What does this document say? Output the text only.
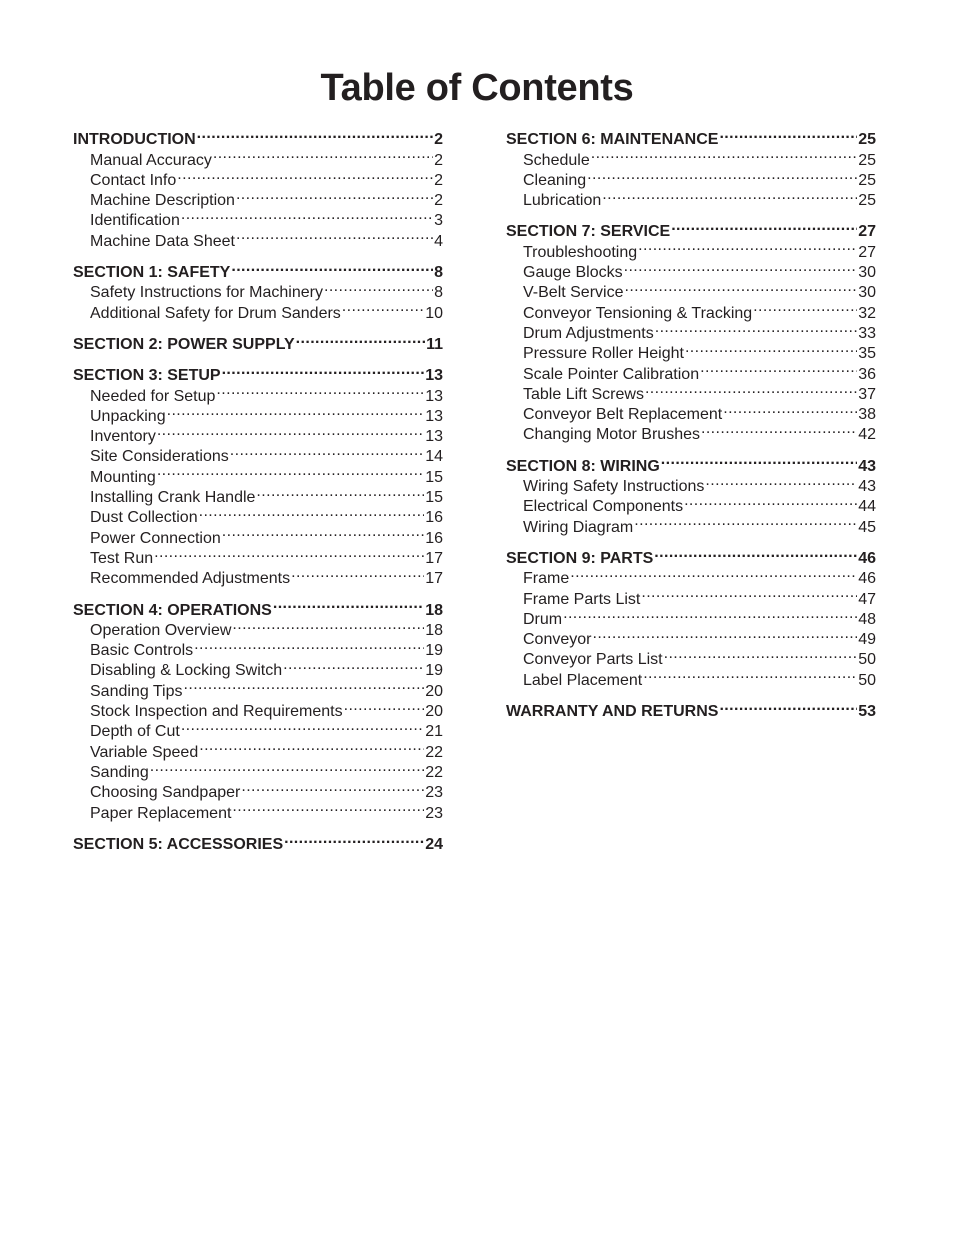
Table of Contents
INTRODUCTION .....	2
Manual Accuracy .....	2
Contact Info .....	2
Machine Description .....	2
Identification .....	3
Machine Data Sheet .....	4
SECTION 1: SAFETY .....	8
Safety Instructions for Machinery .....	8
Additional Safety for Drum Sanders .....	10
SECTION 2: POWER SUPPLY .....	11
SECTION 3: SETUP .....	13
Needed for Setup .....	13
Unpacking .....	13
Inventory .....	13
Site Considerations .....	14
Mounting .....	15
Installing Crank Handle .....	15
Dust Collection .....	16
Power Connection .....	16
Test Run .....	17
Recommended Adjustments .....	17
SECTION 4: OPERATIONS .....	18
Operation Overview .....	18
Basic Controls .....	19
Disabling & Locking Switch .....	19
Sanding Tips .....	20
Stock Inspection and Requirements .....	20
Depth of Cut .....	21
Variable Speed .....	22
Sanding .....	22
Choosing Sandpaper .....	23
Paper Replacement .....	23
SECTION 5: ACCESSORIES .....	24
SECTION 6: MAINTENANCE .....	25
Schedule .....	25
Cleaning .....	25
Lubrication .....	25
SECTION 7: SERVICE .....	27
Troubleshooting .....	27
Gauge Blocks .....	30
V-Belt Service .....	30
Conveyor Tensioning & Tracking .....	32
Drum Adjustments .....	33
Pressure Roller Height .....	35
Scale Pointer Calibration .....	36
Table Lift Screws .....	37
Conveyor Belt Replacement .....	38
Changing Motor Brushes .....	42
SECTION 8: WIRING .....	43
Wiring Safety Instructions .....	43
Electrical Components .....	44
Wiring Diagram .....	45
SECTION 9: PARTS .....	46
Frame .....	46
Frame Parts List .....	47
Drum .....	48
Conveyor .....	49
Conveyor Parts List .....	50
Label Placement .....	50
WARRANTY AND RETURNS .....	53
